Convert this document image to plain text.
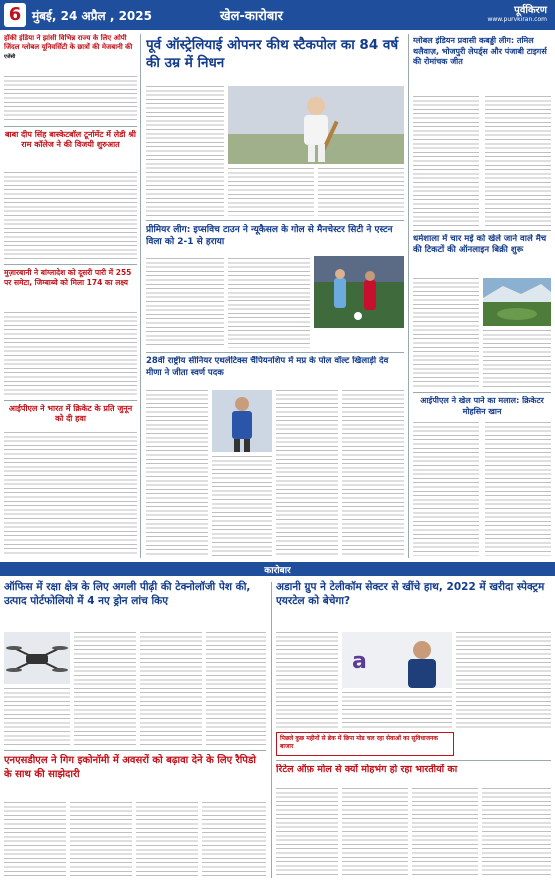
6 मुंबई, 24 अप्रैल , 2025	खेल-कारोबार	पूर्वकिरण
www.purvkiran.com
हॉकी इंडिया ने झांसी विभिन्न राज्य के लिए ओपी जिंदल ग्लोबल यूनिवर्सिटी के छात्रों की मेजबानी की
एजेंसी
बाबा दीप सिंह बास्केटबॉल टूर्नामेंट में लेडी श्री राम कॉलेज ने की विजयी शुरुआत
मुज़ारबानी ने बांग्लादेश को दूसरी पारी में 255 पर समेटा, जिम्बाब्वे को मिला 174 का लक्ष्य
आईपीएल ने भारत में क्रिकेट के प्रति जुनून को दी हवा
पूर्व ऑस्ट्रेलियाई ओपनर कीथ स्टैकपोल का 84 वर्ष की उम्र में निधन
प्रीमियर लीग: इप्सविच टाउन ने न्यूकैसल के गोल से मैनचेस्टर सिटी ने एस्टन विला को 2-1 से हराया
28वीं राष्ट्रीय सीनियर एथलेटिक्स चैंपियनशिप में मप्र के पोल वॉल्ट खिलाड़ी देव मीणा ने जीता स्वर्ण पदक
ग्लोबल इंडियन प्रवासी कबड्डी लीग: तमिल थलैवाज़, भोजपुरी लेपर्ड्स और पंजाबी टाइगर्स की रोमांचक जीत
धर्मशाला में चार मई को खेले जाने वाले मैच की टिकटों की ऑनलाइन बिक्री शुरू
आईपीएल ने खेल पाने का मलाल: क्रिकेटर मोहसिन खान
कारोबार
ऑफिस में रक्षा क्षेत्र के लिए अगली पीढ़ी की टेक्नोलॉजी पेश की, उत्पाद पोर्टफोलियो में 4 नए ड्रोन लांच किए
एनएसडीएल ने गिग इकोनॉमी में अवसरों को बढ़ावा देने के लिए रैपिडो के साथ की साझेदारी
अडानी ग्रुप ने टेलीकॉम सेक्टर से खींचे हाथ, 2022 में खरीदा स्पेक्ट्रम एयरटेल को बेचेगा?
a
पिछले कुछ महीनों से ब्रेक में छिपा मोड चल रहा सेवाओं का सुविधाजनक बाजार
रिटेल ऑफ़ मोल से क्यों मोहभंग हो रहा भारतीयों का
